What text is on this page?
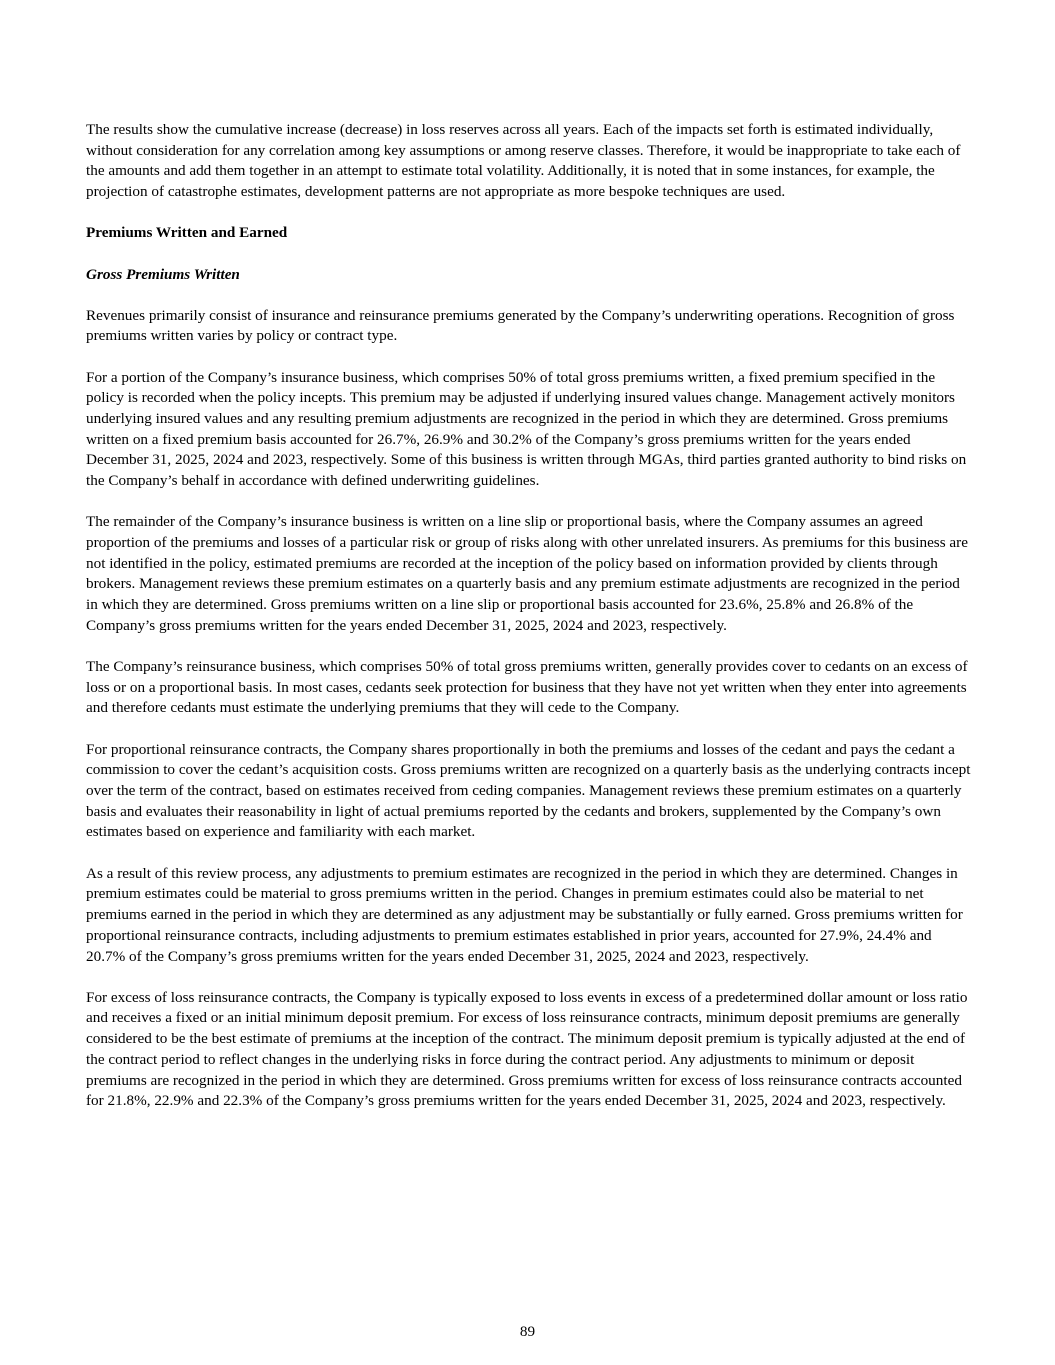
The results show the cumulative increase (decrease) in loss reserves across all years. Each of the impacts set forth is estimated individually, without consideration for any correlation among key assumptions or among reserve classes. Therefore, it would be inappropriate to take each of the amounts and add them together in an attempt to estimate total volatility. Additionally, it is noted that in some instances, for example, the projection of catastrophe estimates, development patterns are not appropriate as more bespoke techniques are used.

Premiums Written and Earned

Gross Premiums Written

Revenues primarily consist of insurance and reinsurance premiums generated by the Company’s underwriting operations. Recognition of gross premiums written varies by policy or contract type.

For a portion of the Company’s insurance business, which comprises 50% of total gross premiums written, a fixed premium specified in the policy is recorded when the policy incepts. This premium may be adjusted if underlying insured values change. Management actively monitors underlying insured values and any resulting premium adjustments are recognized in the period in which they are determined. Gross premiums written on a fixed premium basis accounted for 26.7%, 26.9% and 30.2% of the Company’s gross premiums written for the years ended December 31, 2025, 2024 and 2023, respectively. Some of this business is written through MGAs, third parties granted authority to bind risks on the Company’s behalf in accordance with defined underwriting guidelines.

The remainder of the Company’s insurance business is written on a line slip or proportional basis, where the Company assumes an agreed proportion of the premiums and losses of a particular risk or group of risks along with other unrelated insurers. As premiums for this business are not identified in the policy, estimated premiums are recorded at the inception of the policy based on information provided by clients through brokers. Management reviews these premium estimates on a quarterly basis and any premium estimate adjustments are recognized in the period in which they are determined. Gross premiums written on a line slip or proportional basis accounted for 23.6%, 25.8% and 26.8% of the Company’s gross premiums written for the years ended December 31, 2025, 2024 and 2023, respectively.

The Company’s reinsurance business, which comprises 50% of total gross premiums written, generally provides cover to cedants on an excess of loss or on a proportional basis. In most cases, cedants seek protection for business that they have not yet written when they enter into agreements and therefore cedants must estimate the underlying premiums that they will cede to the Company.

For proportional reinsurance contracts, the Company shares proportionally in both the premiums and losses of the cedant and pays the cedant a commission to cover the cedant’s acquisition costs. Gross premiums written are recognized on a quarterly basis as the underlying contracts incept over the term of the contract, based on estimates received from ceding companies. Management reviews these premium estimates on a quarterly basis and evaluates their reasonability in light of actual premiums reported by the cedants and brokers, supplemented by the Company’s own estimates based on experience and familiarity with each market.

As a result of this review process, any adjustments to premium estimates are recognized in the period in which they are determined. Changes in premium estimates could be material to gross premiums written in the period. Changes in premium estimates could also be material to net premiums earned in the period in which they are determined as any adjustment may be substantially or fully earned. Gross premiums written for proportional reinsurance contracts, including adjustments to premium estimates established in prior years, accounted for 27.9%, 24.4% and 20.7% of the Company’s gross premiums written for the years ended December 31, 2025, 2024 and 2023, respectively.

For excess of loss reinsurance contracts, the Company is typically exposed to loss events in excess of a predetermined dollar amount or loss ratio and receives a fixed or an initial minimum deposit premium. For excess of loss reinsurance contracts, minimum deposit premiums are generally considered to be the best estimate of premiums at the inception of the contract. The minimum deposit premium is typically adjusted at the end of the contract period to reflect changes in the underlying risks in force during the contract period. Any adjustments to minimum or deposit premiums are recognized in the period in which they are determined. Gross premiums written for excess of loss reinsurance contracts accounted for 21.8%, 22.9% and 22.3% of the Company’s gross premiums written for the years ended December 31, 2025, 2024 and 2023, respectively.

89
